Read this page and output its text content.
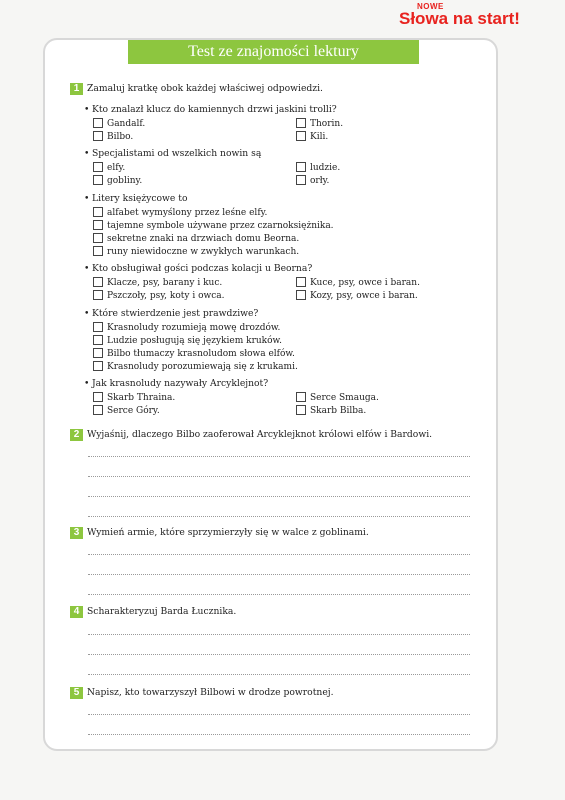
NOWE
Słowa na start!
Test ze znajomości lektury
1 Zamaluj kratkę obok każdej właściwej odpowiedzi.
• Kto znalazł klucz do kamiennych drzwi jaskini trolli?
Gandalf.	Thorin.
Bilbo.	Kili.
• Specjalistami od wszelkich nowin są
elfy.	ludzie.
gobliny.	orły.
• Litery księżycowe to
alfabet wymyślony przez leśne elfy.
tajemne symbole używane przez czarnoksiężnika.
sekretne znaki na drzwiach domu Beorna.
runy niewidoczne w zwykłych warunkach.
• Kto obsługiwał gości podczas kolacji u Beorna?
Klacze, psy, barany i kuc.	Kuce, psy, owce i baran.
Pszczoły, psy, koty i owca.	Kozy, psy, owce i baran.
• Które stwierdzenie jest prawdziwe?
Krasnoludy rozumieją mowę drozdów.
Ludzie posługują się językiem kruków.
Bilbo tłumaczy krasnoludom słowa elfów.
Krasnoludy porozumiewają się z krukami.
• Jak krasnoludy nazywały Arcyklejnot?
Skarb Thraina.	Serce Smauga.
Serce Góry.	Skarb Bilba.
2 Wyjaśnij, dlaczego Bilbo zaoferował Arcyklejknot królowi elfów i Bardowi.
3 Wymień armie, które sprzymierzyły się w walce z goblinami.
4 Scharakteryzuj Barda Łucznika.
5 Napisz, kto towarzyszył Bilbowi w drodze powrotnej.
